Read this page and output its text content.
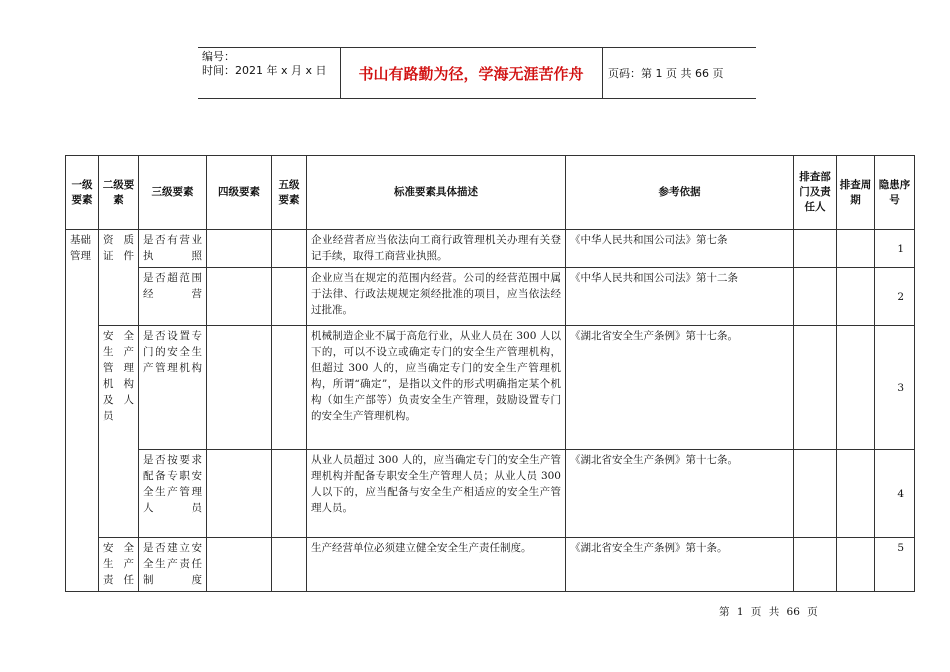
编号：
时间：2021 年 x 月 x 日	书山有路勤为径，学海无涯苦作舟	页码：第 1 页 共 66 页
一级要素	二级要素	三级要素	四级要素	五级要素	标准要素具体描述	参考依据	排查部门及责任人	排查周期	隐患序号
基础管理	资质证件	是否有营业执照			企业经营者应当依法向工商行政管理机关办理有关登记手续，取得工商营业执照。	《中华人民共和国公司法》第七条			1
		是否超范围经营			企业应当在规定的范围内经营。公司的经营范围中属于法律、行政法规规定须经批准的项目，应当依法经过批准。	《中华人民共和国公司法》第十二条			2
	安全生产管理机构及人员	是否设置专门的安全生产管理机构			机械制造企业不属于高危行业，从业人员在 300 人以下的，可以不设立或确定专门的安全生产管理机构，但超过 300 人的，应当确定专门的安全生产管理机构，所谓“确定”，是指以文件的形式明确指定某个机构（如生产部等）负责安全生产管理，鼓励设置专门的安全生产管理机构。	《湖北省安全生产条例》第十七条。			3
		是否按要求配备专职安全生产管理人员			从业人员超过 300 人的，应当确定专门的安全生产管理机构并配备专职安全生产管理人员；从业人员 300 人以下的，应当配备与安全生产相适应的安全生产管理人员。	《湖北省安全生产条例》第十七条。			4
	安全生产责任	是否建立安全生产责任制度			生产经营单位必须建立健全安全生产责任制度。	《湖北省安全生产条例》第十条。			5
第 1 页 共 66 页
